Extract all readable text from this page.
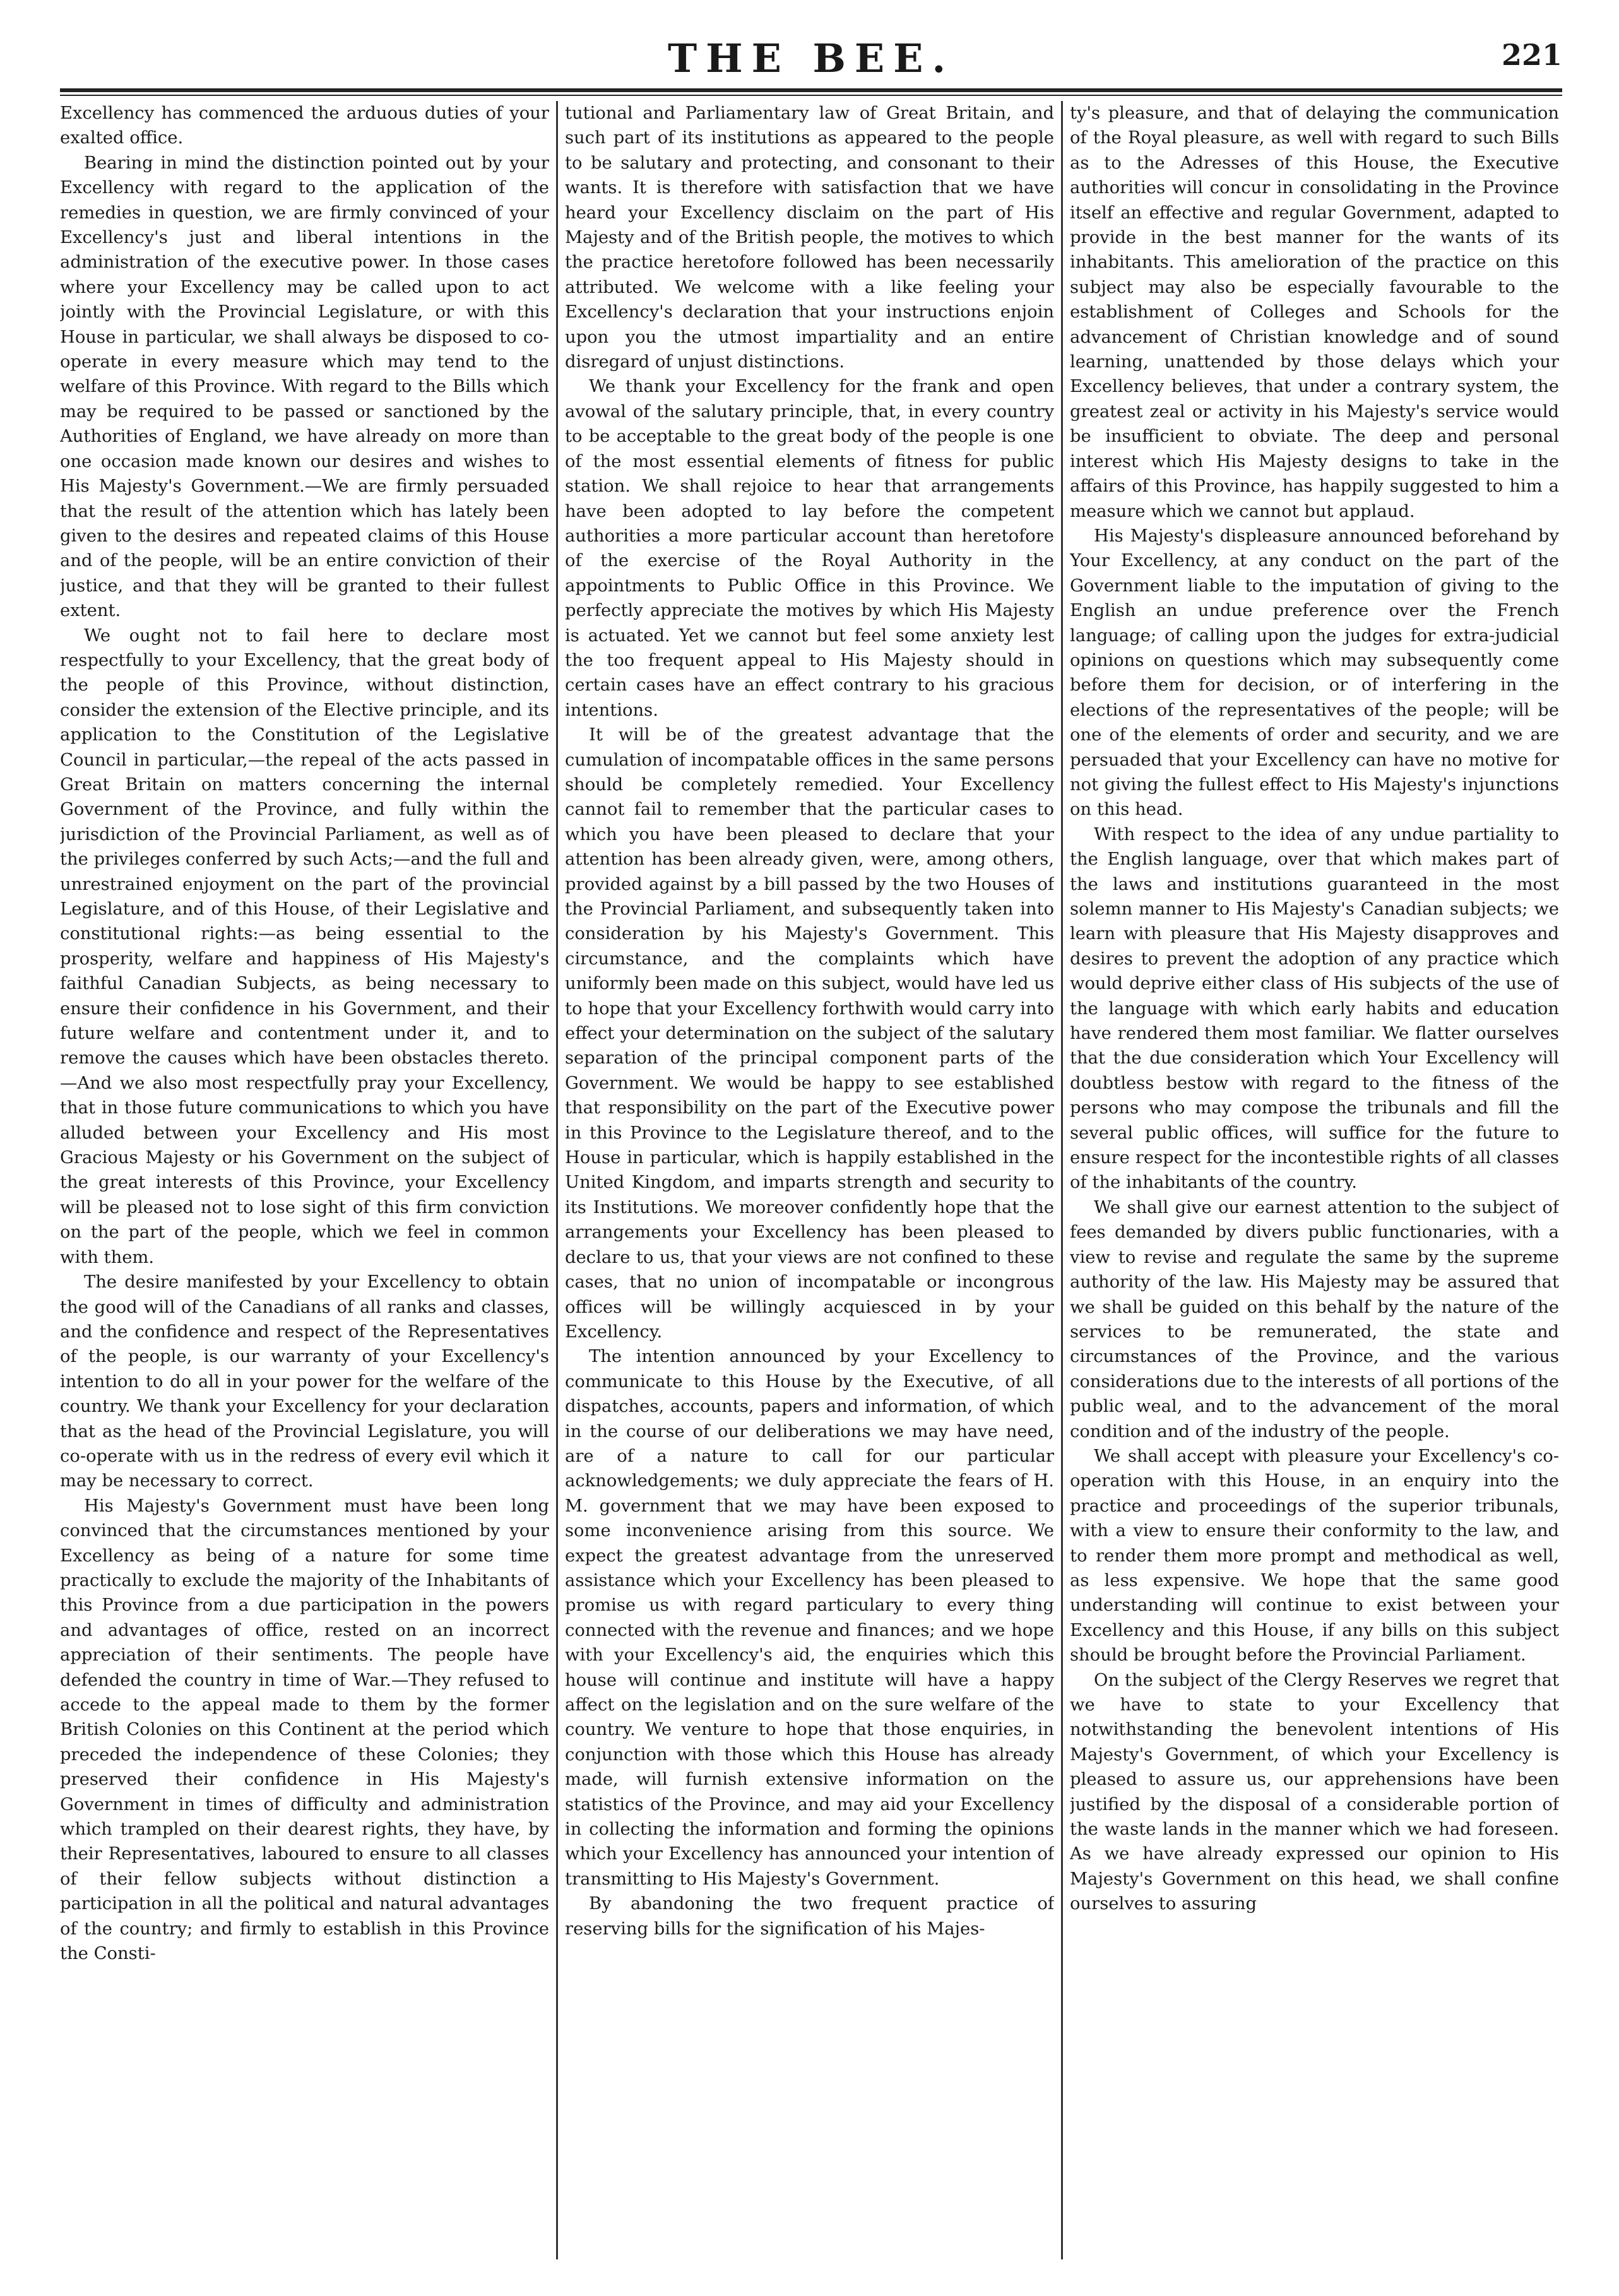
THE BEE.	221

Excellency has commenced the arduous duties of your exalted office.

Bearing in mind the distinction pointed out by your Excellency with regard to the application of the remedies in question, we are firmly convinced of your Excellency's just and liberal intentions in the administration of the executive power. In those cases where your Excellency may be called upon to act jointly with the Provincial Legislature, or with this House in particular, we shall always be disposed to co-operate in every measure which may tend to the welfare of this Province. With regard to the Bills which may be required to be passed or sanctioned by the Authorities of England, we have already on more than one occasion made known our desires and wishes to His Majesty's Government.—We are firmly persuaded that the result of the attention which has lately been given to the desires and repeated claims of this House and of the people, will be an entire conviction of their justice, and that they will be granted to their fullest extent.

We ought not to fail here to declare most respectfully to your Excellency, that the great body of the people of this Province, without distinction, consider the extension of the Elective principle, and its application to the Constitution of the Legislative Council in particular,—the repeal of the acts passed in Great Britain on matters concerning the internal Government of the Province, and fully within the jurisdiction of the Provincial Parliament, as well as of the privileges conferred by such Acts;—and the full and unrestrained enjoyment on the part of the provincial Legislature, and of this House, of their Legislative and constitutional rights:—as being essential to the prosperity, welfare and happiness of His Majesty's faithful Canadian Subjects, as being necessary to ensure their confidence in his Government, and their future welfare and contentment under it, and to remove the causes which have been obstacles thereto.—And we also most respectfully pray your Excellency, that in those future communications to which you have alluded between your Excellency and His most Gracious Majesty or his Government on the subject of the great interests of this Province, your Excellency will be pleased not to lose sight of this firm conviction on the part of the people, which we feel in common with them.

The desire manifested by your Excellency to obtain the good will of the Canadians of all ranks and classes, and the confidence and respect of the Representatives of the people, is our warranty of your Excellency's intention to do all in your power for the welfare of the country. We thank your Excellency for your declaration that as the head of the Provincial Legislature, you will co-operate with us in the redress of every evil which it may be necessary to correct.

His Majesty's Government must have been long convinced that the circumstances mentioned by your Excellency as being of a nature for some time practically to exclude the majority of the Inhabitants of this Province from a due participation in the powers and advantages of office, rested on an incorrect appreciation of their sentiments. The people have defended the country in time of War.—They refused to accede to the appeal made to them by the former British Colonies on this Continent at the period which preceded the independence of these Colonies; they preserved their confidence in His Majesty's Government in times of difficulty and administration which trampled on their dearest rights, they have, by their Representatives, laboured to ensure to all classes of their fellow subjects without distinction a participation in all the political and natural advantages of the country; and firmly to establish in this Province the Consti-

tutional and Parliamentary law of Great Britain, and such part of its institutions as appeared to the people to be salutary and protecting, and consonant to their wants. It is therefore with satisfaction that we have heard your Excellency disclaim on the part of His Majesty and of the British people, the motives to which the practice heretofore followed has been necessarily attributed. We welcome with a like feeling your Excellency's declaration that your instructions enjoin upon you the utmost impartiality and an entire disregard of unjust distinctions.

We thank your Excellency for the frank and open avowal of the salutary principle, that, in every country to be acceptable to the great body of the people is one of the most essential elements of fitness for public station. We shall rejoice to hear that arrangements have been adopted to lay before the competent authorities a more particular account than heretofore of the exercise of the Royal Authority in the appointments to Public Office in this Province. We perfectly appreciate the motives by which His Majesty is actuated. Yet we cannot but feel some anxiety lest the too frequent appeal to His Majesty should in certain cases have an effect contrary to his gracious intentions.

It will be of the greatest advantage that the cumulation of incompatable offices in the same persons should be completely remedied. Your Excellency cannot fail to remember that the particular cases to which you have been pleased to declare that your attention has been already given, were, among others, provided against by a bill passed by the two Houses of the Provincial Parliament, and subsequently taken into consideration by his Majesty's Government. This circumstance, and the complaints which have uniformly been made on this subject, would have led us to hope that your Excellency forthwith would carry into effect your determination on the subject of the salutary separation of the principal component parts of the Government. We would be happy to see established that responsibility on the part of the Executive power in this Province to the Legislature thereof, and to the House in particular, which is happily established in the United Kingdom, and imparts strength and security to its Institutions. We moreover confidently hope that the arrangements your Excellency has been pleased to declare to us, that your views are not confined to these cases, that no union of incompatable or incongrous offices will be willingly acquiesced in by your Excellency.

The intention announced by your Excellency to communicate to this House by the Executive, of all dispatches, accounts, papers and information, of which in the course of our deliberations we may have need, are of a nature to call for our particular acknowledgements; we duly appreciate the fears of H. M. government that we may have been exposed to some inconvenience arising from this source. We expect the greatest advantage from the unreserved assistance which your Excellency has been pleased to promise us with regard particulary to every thing connected with the revenue and finances; and we hope with your Excellency's aid, the enquiries which this house will continue and institute will have a happy affect on the legislation and on the sure welfare of the country. We venture to hope that those enquiries, in conjunction with those which this House has already made, will furnish extensive information on the statistics of the Province, and may aid your Excellency in collecting the information and forming the opinions which your Excellency has announced your intention of transmitting to His Majesty's Government.

By abandoning the two frequent practice of reserving bills for the signification of his Majes-

ty's pleasure, and that of delaying the communication of the Royal pleasure, as well with regard to such Bills as to the Adresses of this House, the Executive authorities will concur in consolidating in the Province itself an effective and regular Government, adapted to provide in the best manner for the wants of its inhabitants. This amelioration of the practice on this subject may also be especially favourable to the establishment of Colleges and Schools for the advancement of Christian knowledge and of sound learning, unattended by those delays which your Excellency believes, that under a contrary system, the greatest zeal or activity in his Majesty's service would be insufficient to obviate. The deep and personal interest which His Majesty designs to take in the affairs of this Province, has happily suggested to him a measure which we cannot but applaud.

His Majesty's displeasure announced beforehand by Your Excellency, at any conduct on the part of the Government liable to the imputation of giving to the English an undue preference over the French language; of calling upon the judges for extra-judicial opinions on questions which may subsequently come before them for decision, or of interfering in the elections of the representatives of the people; will be one of the elements of order and security, and we are persuaded that your Excellency can have no motive for not giving the fullest effect to His Majesty's injunctions on this head.

With respect to the idea of any undue partiality to the English language, over that which makes part of the laws and institutions guaranteed in the most solemn manner to His Majesty's Canadian subjects; we learn with pleasure that His Majesty disapproves and desires to prevent the adoption of any practice which would deprive either class of His subjects of the use of the language with which early habits and education have rendered them most familiar. We flatter ourselves that the due consideration which Your Excellency will doubtless bestow with regard to the fitness of the persons who may compose the tribunals and fill the several public offices, will suffice for the future to ensure respect for the incontestible rights of all classes of the inhabitants of the country.

We shall give our earnest attention to the subject of fees demanded by divers public functionaries, with a view to revise and regulate the same by the supreme authority of the law. His Majesty may be assured that we shall be guided on this behalf by the nature of the services to be remunerated, the state and circumstances of the Province, and the various considerations due to the interests of all portions of the public weal, and to the advancement of the moral condition and of the industry of the people.

We shall accept with pleasure your Excellency's co-operation with this House, in an enquiry into the practice and proceedings of the superior tribunals, with a view to ensure their conformity to the law, and to render them more prompt and methodical as well, as less expensive. We hope that the same good understanding will continue to exist between your Excellency and this House, if any bills on this subject should be brought before the Provincial Parliament.

On the subject of the Clergy Reserves we regret that we have to state to your Excellency that notwithstanding the benevolent intentions of His Majesty's Government, of which your Excellency is pleased to assure us, our apprehensions have been justified by the disposal of a considerable portion of the waste lands in the manner which we had foreseen. As we have already expressed our opinion to His Majesty's Government on this head, we shall confine ourselves to assuring
